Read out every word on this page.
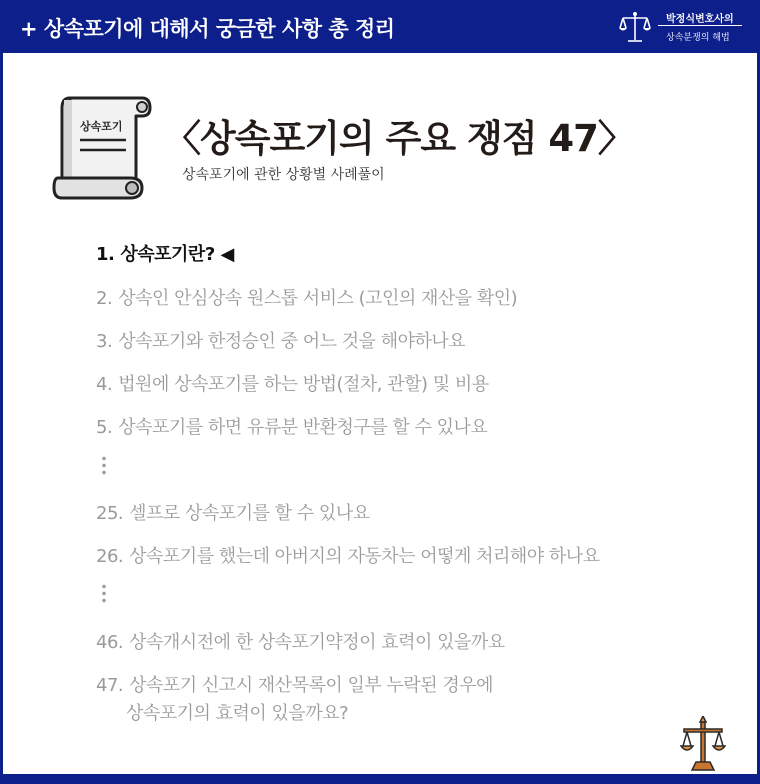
+ 상속포기에 대해서 궁금한 사항 총 정리	박정식변호사의
상속분쟁의 해법
상속포기 〈상속포기의 주요 쟁점 47〉
상속포기에 관한 상황별 사례풀이
1. 상속포기란? ◀
2. 상속인 안심상속 원스톱 서비스 (고인의 재산을 확인)
3. 상속포기와 한정승인 중 어느 것을 해야하나요
4. 법원에 상속포기를 하는 방법(절차, 관할) 및 비용
5. 상속포기를 하면 유류분 반환청구를 할 수 있나요
25. 셀프로 상속포기를 할 수 있나요
26. 상속포기를 했는데 아버지의 자동차는 어떻게 처리해야 하나요
46. 상속개시전에 한 상속포기약정이 효력이 있을까요
47. 상속포기 신고시 재산목록이 일부 누락된 경우에
상속포기의 효력이 있을까요?
